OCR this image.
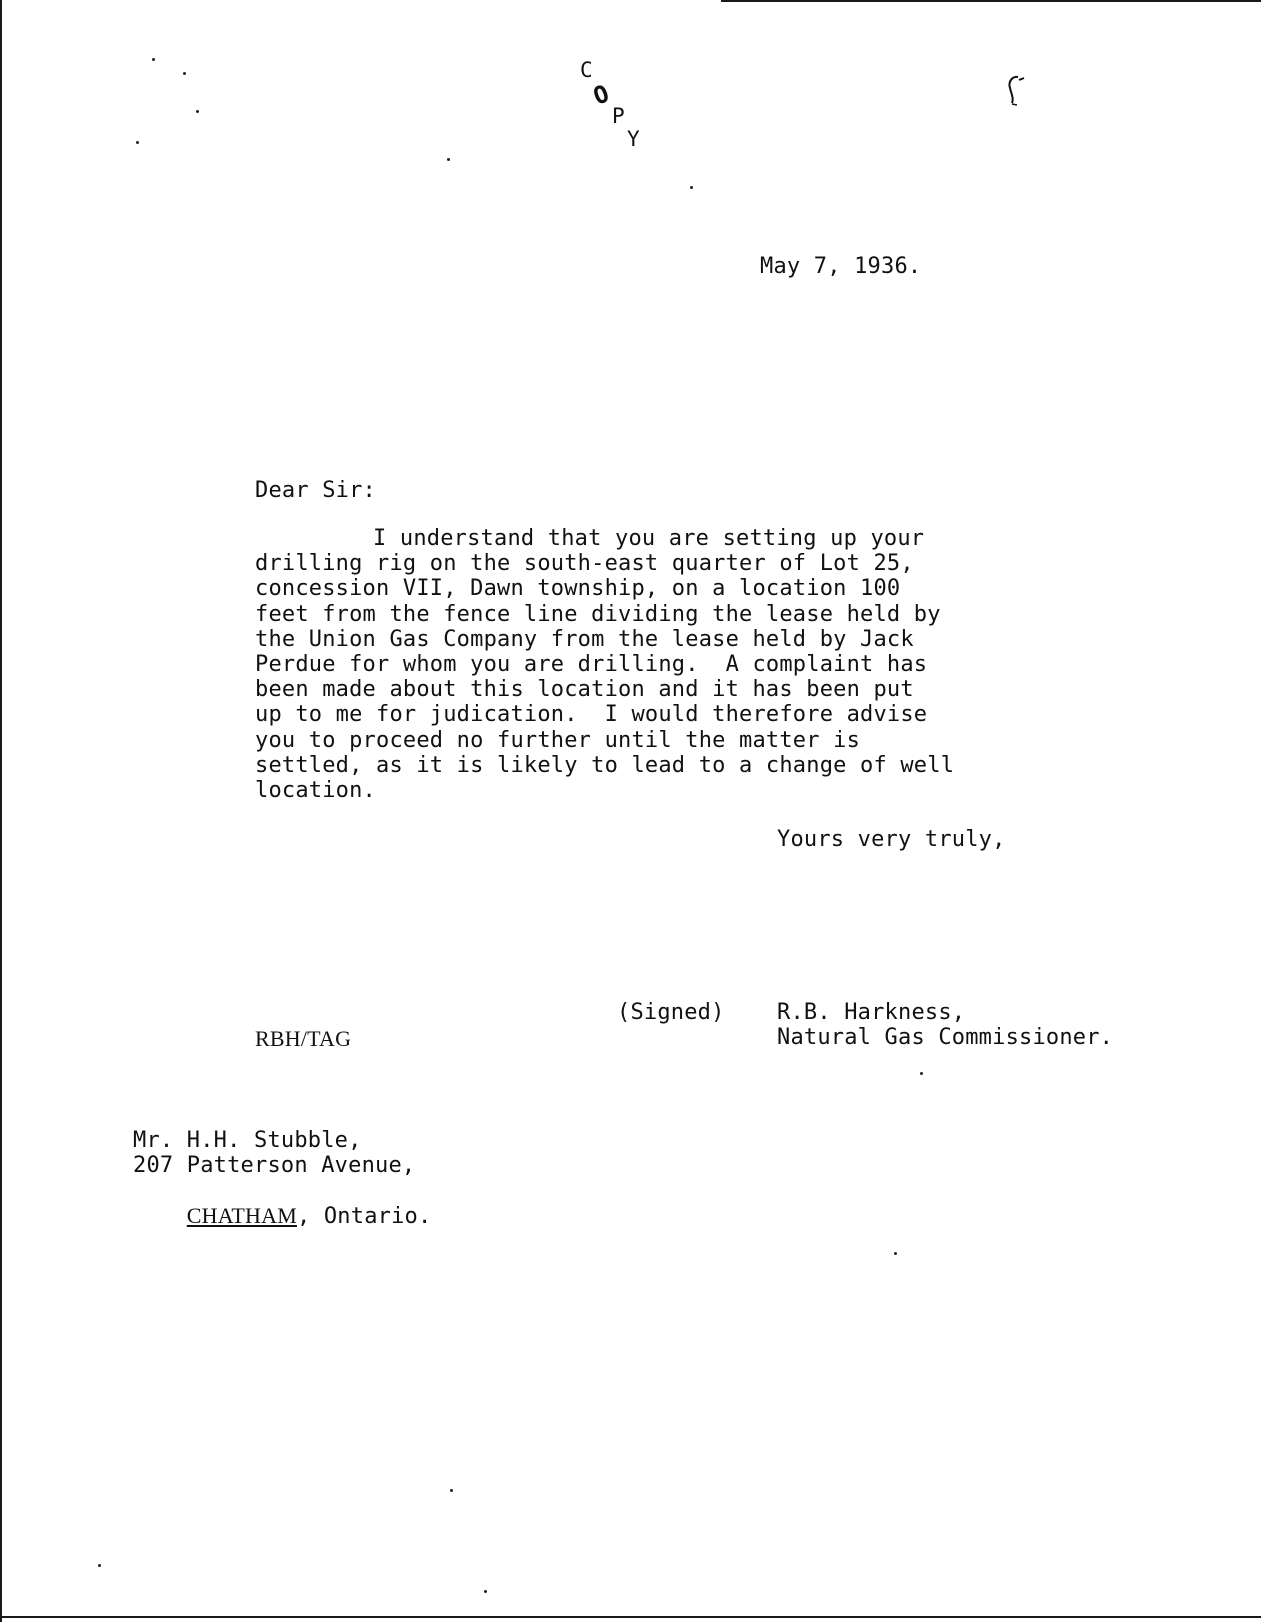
C
O
P
Y
May 7, 1936.
Dear Sir:
I understand that you are setting up your
drilling rig on the south-east quarter of Lot 25,
concession VII, Dawn township, on a location 100
feet from the fence line dividing the lease held by
the Union Gas Company from the lease held by Jack
Perdue for whom you are drilling.  A complaint has
been made about this location and it has been put
up to me for judication.  I would therefore advise
you to proceed no further until the matter is
settled, as it is likely to lead to a change of well
location.
Yours very truly,
(Signed) R.B. Harkness,
Natural Gas Commissioner.
RBH/TAG
Mr. H.H. Stubble,
207 Patterson Avenue,

CHATHAM, Ontario.
